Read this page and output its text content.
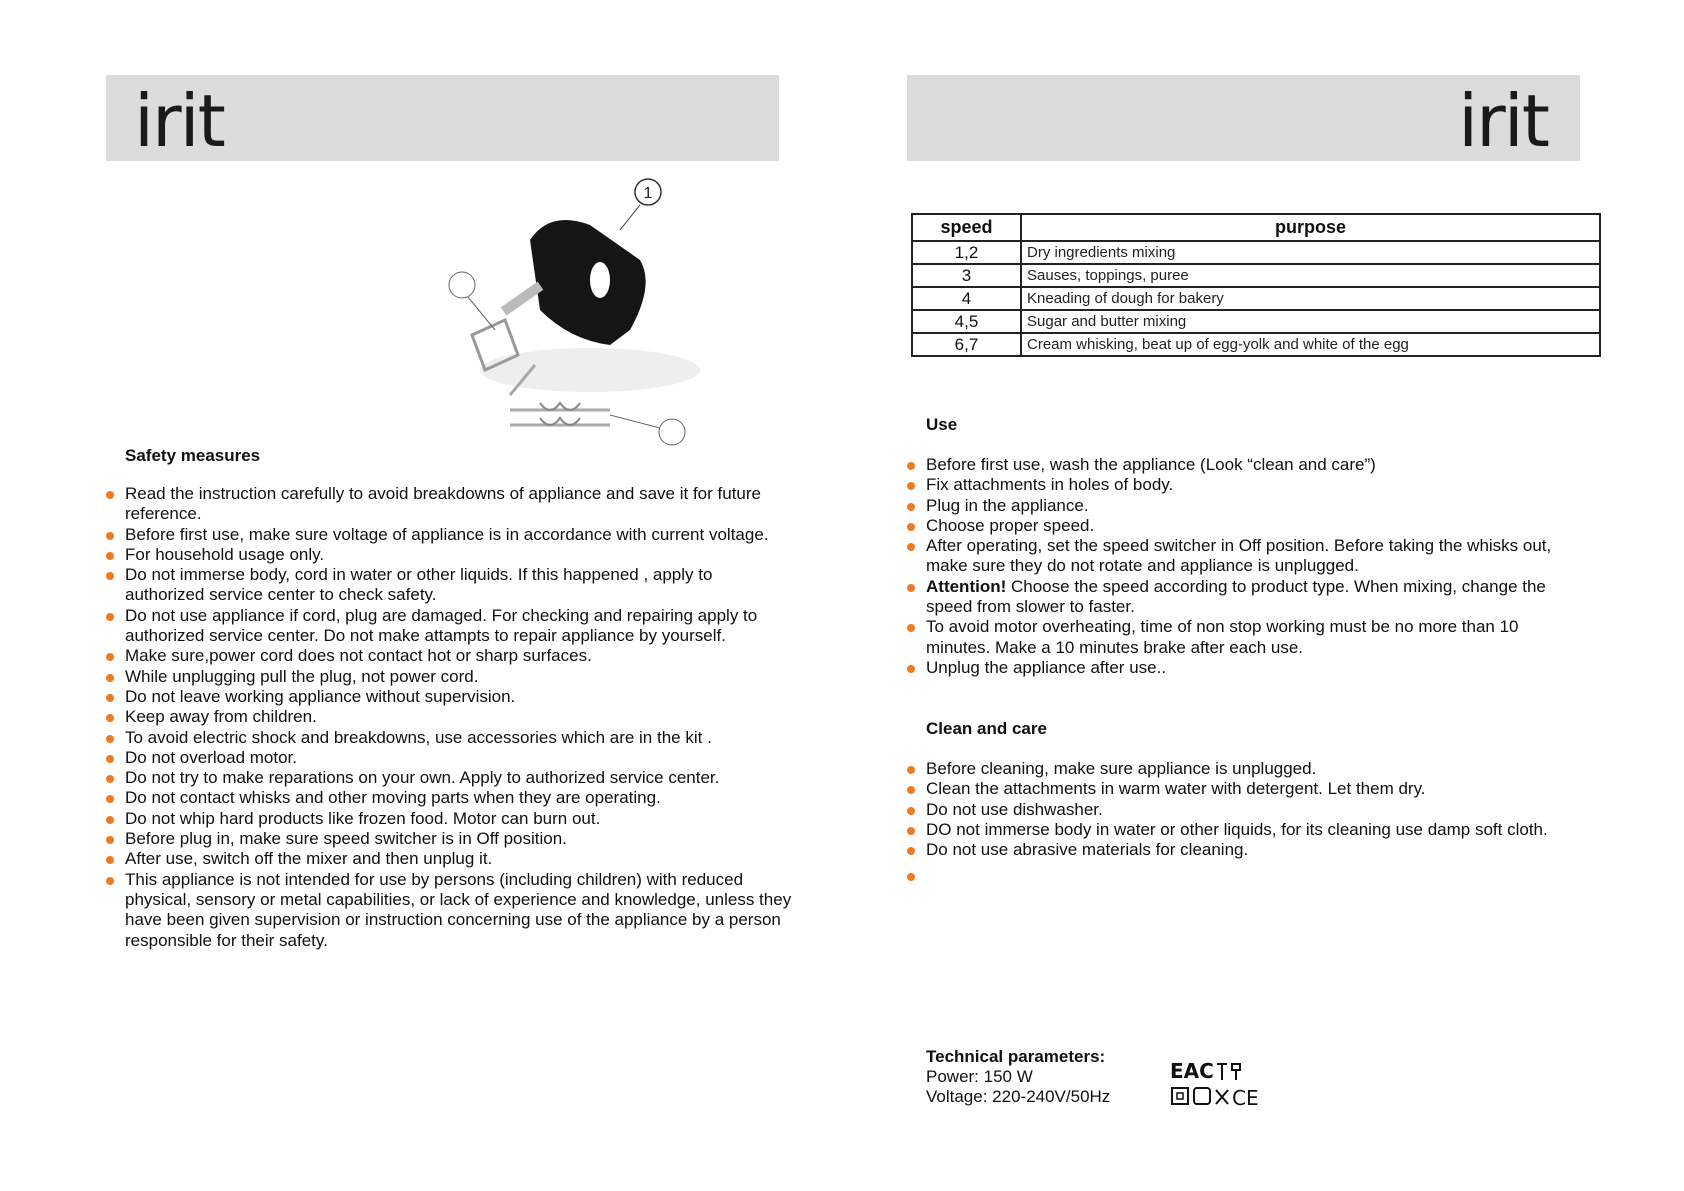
irit	irit
1
Safety measures
Read the instruction carefully to avoid breakdowns of appliance and save it for future reference.
Before first use, make sure voltage of appliance is in accordance with current voltage.
For household usage only.
Do not immerse body, cord in water or other liquids. If this happened , apply to authorized service center to check safety.
Do not use appliance if cord, plug are damaged. For checking and repairing apply to authorized service center. Do not make attampts to repair appliance by yourself.
Make sure,power cord does not contact hot or sharp surfaces.
While unplugging pull the plug, not power cord.
Do not leave working appliance without supervision.
Keep away from children.
To avoid electric shock and breakdowns, use accessories which are in the kit .
Do not overload motor.
Do not try to make reparations on your own. Apply to authorized service center.
Do not contact whisks and other moving parts when they are operating.
Do not whip hard products like frozen food. Motor can burn out.
Before plug in, make sure speed switcher is in Off position.
After use, switch off the mixer and then unplug it.
This appliance is not intended for use by persons (including children) with reduced physical, sensory or metal capabilities, or lack of experience and knowledge, unless they have been given supervision or instruction concerning use of the appliance by a person responsible for their safety.
speed	purpose
1,2	Dry ingredients mixing
3	Sauses, toppings, puree
4	Kneading of dough for bakery
4,5	Sugar and butter mixing
6,7	Cream whisking, beat up of egg-yolk and white of the egg
Use
Before first use, wash the appliance (Look “clean and care”)
Fix attachments in holes of body.
Plug in the appliance.
Choose proper speed.
After operating, set the speed switcher in Off position. Before taking the whisks out, make sure they do not rotate and appliance is unplugged.
Attention! Choose the speed according to product type. When mixing, change the speed from slower to faster.
To avoid motor overheating, time of non stop working must be no more than 10 minutes. Make a 10 minutes brake after each use.
Unplug the appliance after use..
Clean and care
Before cleaning, make sure appliance is unplugged.
Clean the attachments in warm water with detergent. Let them dry.
Do not use dishwasher.
DO not immerse body in water or other liquids, for its cleaning use damp soft cloth.
Do not use abrasive materials for cleaning.
Technical parameters:
Power: 150 W
Voltage: 220-240V/50Hz
EAC
CE
